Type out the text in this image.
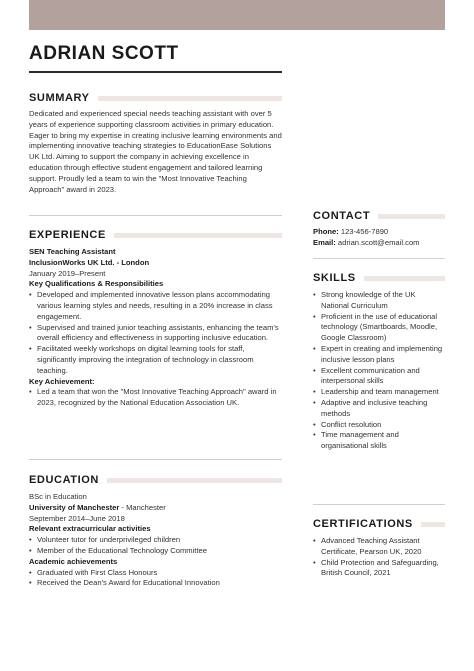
ADRIAN SCOTT
SUMMARY

Dedicated and experienced special needs teaching assistant with over 5 years of experience supporting classroom activities in primary education. Eager to bring my expertise in creating inclusive learning environments and implementing innovative teaching strategies to EducationEase Solutions UK Ltd. Aiming to support the company in achieving excellence in education through effective student engagement and tailored learning support. Proudly led a team to win the "Most Innovative Teaching Approach" award in 2023.

EXPERIENCE
SEN Teaching Assistant
InclusionWorks UK Ltd. - London
January 2019–Present
Key Qualifications & Responsibilities
• Developed and implemented innovative lesson plans accommodating various learning styles and needs, resulting in a 20% increase in class engagement.
• Supervised and trained junior teaching assistants, enhancing the team's overall efficiency and effectiveness in supporting inclusive education.
• Facilitated weekly workshops on digital learning tools for staff, significantly improving the integration of technology in classroom teaching.
Key Achievement:
• Led a team that won the "Most Innovative Teaching Approach" award in 2023, recognized by the National Education Association UK.
EDUCATION
BSc in Education
University of Manchester - Manchester
September 2014–June 2018
Relevant extracurricular activities
• Volunteer tutor for underprivileged children
• Member of the Educational Technology Committee
Academic achievements
• Graduated with First Class Honours
• Received the Dean's Award for Educational Innovation
CONTACT

Phone: 123-456-7890

Email: adrian.scott@email.com

SKILLS
• Strong knowledge of the UK National Curriculum
• Proficient in the use of educational technology (Smartboards, Moodle, Google Classroom)
• Expert in creating and implementing inclusive lesson plans
• Excellent communication and interpersonal skills
• Leadership and team management
• Adaptive and inclusive teaching methods
• Conflict resolution
• Time management and organisational skills
CERTIFICATIONS
• Advanced Teaching Assistant Certificate, Pearson UK, 2020
• Child Protection and Safeguarding, British Council, 2021
